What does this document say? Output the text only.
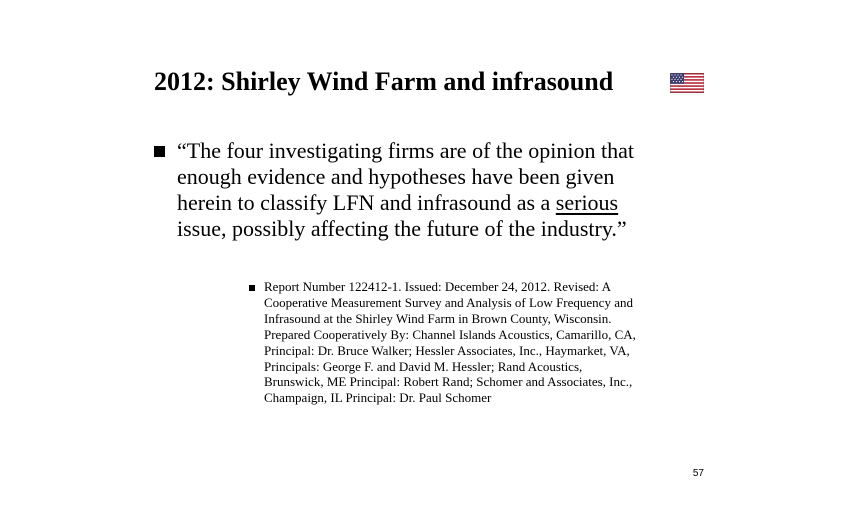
2012: Shirley Wind Farm and infrasound

“The four investigating firms are of the opinion that
enough evidence and hypotheses have been given
herein to classify LFN and infrasound as a serious
issue, possibly affecting the future of the industry.”

Report Number 122412-1. Issued: December 24, 2012. Revised: A
Cooperative Measurement Survey and Analysis of Low Frequency and
Infrasound at the Shirley Wind Farm in Brown County, Wisconsin.
Prepared Cooperatively By: Channel Islands Acoustics, Camarillo, CA,
Principal: Dr. Bruce Walker; Hessler Associates, Inc., Haymarket, VA,
Principals: George F. and David M. Hessler; Rand Acoustics,
Brunswick, ME Principal: Robert Rand; Schomer and Associates, Inc.,
Champaign, IL Principal: Dr. Paul Schomer

57
